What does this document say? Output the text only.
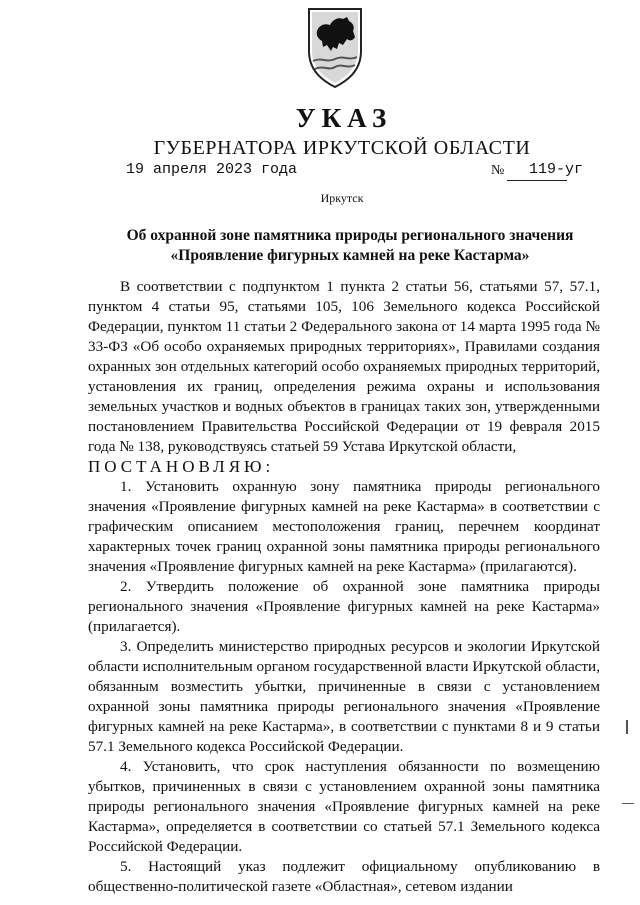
УКАЗ
ГУБЕРНАТОРА ИРКУТСКОЙ ОБЛАСТИ
19 апреля 2023 года	№ 119-уг
Иркутск
Об охранной зоне памятника природы регионального значения
«Проявление фигурных камней на реке Кастарма»

В соответствии с подпунктом 1 пункта 2 статьи 56, статьями 57, 57.1, пунктом 4 статьи 95, статьями 105, 106 Земельного кодекса Российской Федерации, пунктом 11 статьи 2 Федерального закона от 14 марта 1995 года № 33-ФЗ «Об особо охраняемых природных территориях», Правилами создания охранных зон отдельных категорий особо охраняемых природных территорий, установления их границ, определения режима охраны и использования земельных участков и водных объектов в границах таких зон, утвержденными постановлением Правительства Российской Федерации от 19 февраля 2015 года № 138, руководствуясь статьей 59 Устава Иркутской области,

ПОСТАНОВЛЯЮ:

1. Установить охранную зону памятника природы регионального значения «Проявление фигурных камней на реке Кастарма» в соответствии с графическим описанием местоположения границ, перечнем координат характерных точек границ охранной зоны памятника природы регионального значения «Проявление фигурных камней на реке Кастарма» (прилагаются).

2. Утвердить положение об охранной зоне памятника природы регионального значения «Проявление фигурных камней на реке Кастарма» (прилагается).

3. Определить министерство природных ресурсов и экологии Иркутской области исполнительным органом государственной власти Иркутской области, обязанным возместить убытки, причиненные в связи с установлением охранной зоны памятника природы регионального значения «Проявление фигурных камней на реке Кастарма», в соответствии с пунктами 8 и 9 статьи 57.1 Земельного кодекса Российской Федерации.

4. Установить, что срок наступления обязанности по возмещению убытков, причиненных в связи с установлением охранной зоны памятника природы регионального значения «Проявление фигурных камней на реке Кастарма», определяется в соответствии со статьей 57.1 Земельного кодекса Российской Федерации.

5. Настоящий указ подлежит официальному опубликованию в общественно-политической газете «Областная», сетевом издании
